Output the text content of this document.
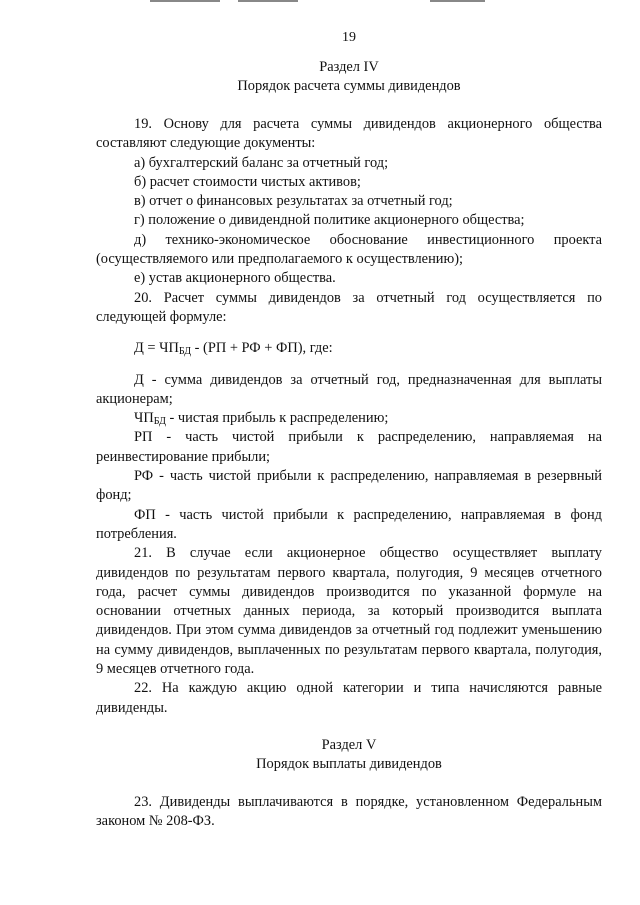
19
Раздел IV
Порядок расчета суммы дивидендов

19. Основу для расчета суммы дивидендов акционерного общества составляют следующие документы:

а) бухгалтерский баланс за отчетный год;

б) расчет стоимости чистых активов;

в) отчет о финансовых результатах за отчетный год;

г) положение о дивидендной политике акционерного общества;

д) технико-экономическое обоснование инвестиционного проекта (осуществляемого или предполагаемого к осуществлению);

е) устав акционерного общества.

20. Расчет суммы дивидендов за отчетный год осуществляется по следующей формуле:

$Д = ЧП_{БД} - (РП$ + РФ + ФП), где:

Д - сумма дивидендов за отчетный год, предназначенная для выплаты акционерам;

$ЧП_{БД}$ - чистая прибыль к распределению;

РП - часть чистой прибыли к распределению, направляемая на реинвестирование прибыли;

РФ - часть чистой прибыли к распределению, направляемая в резервный фонд;

ФП - часть чистой прибыли к распределению, направляемая в фонд потребления.

21. В случае если акционерное общество осуществляет выплату дивидендов по результатам первого квартала, полугодия, 9 месяцев отчетного года, расчет суммы дивидендов производится по указанной формуле на основании отчетных данных периода, за который производится выплата дивидендов. При этом сумма дивидендов за отчетный год подлежит уменьшению на сумму дивидендов, выплаченных по результатам первого квартала, полугодия, 9 месяцев отчетного года.

22. На каждую акцию одной категории и типа начисляются равные дивиденды.

Раздел V
Порядок выплаты дивидендов

23. Дивиденды выплачиваются в порядке, установленном Федеральным законом № 208-ФЗ.
